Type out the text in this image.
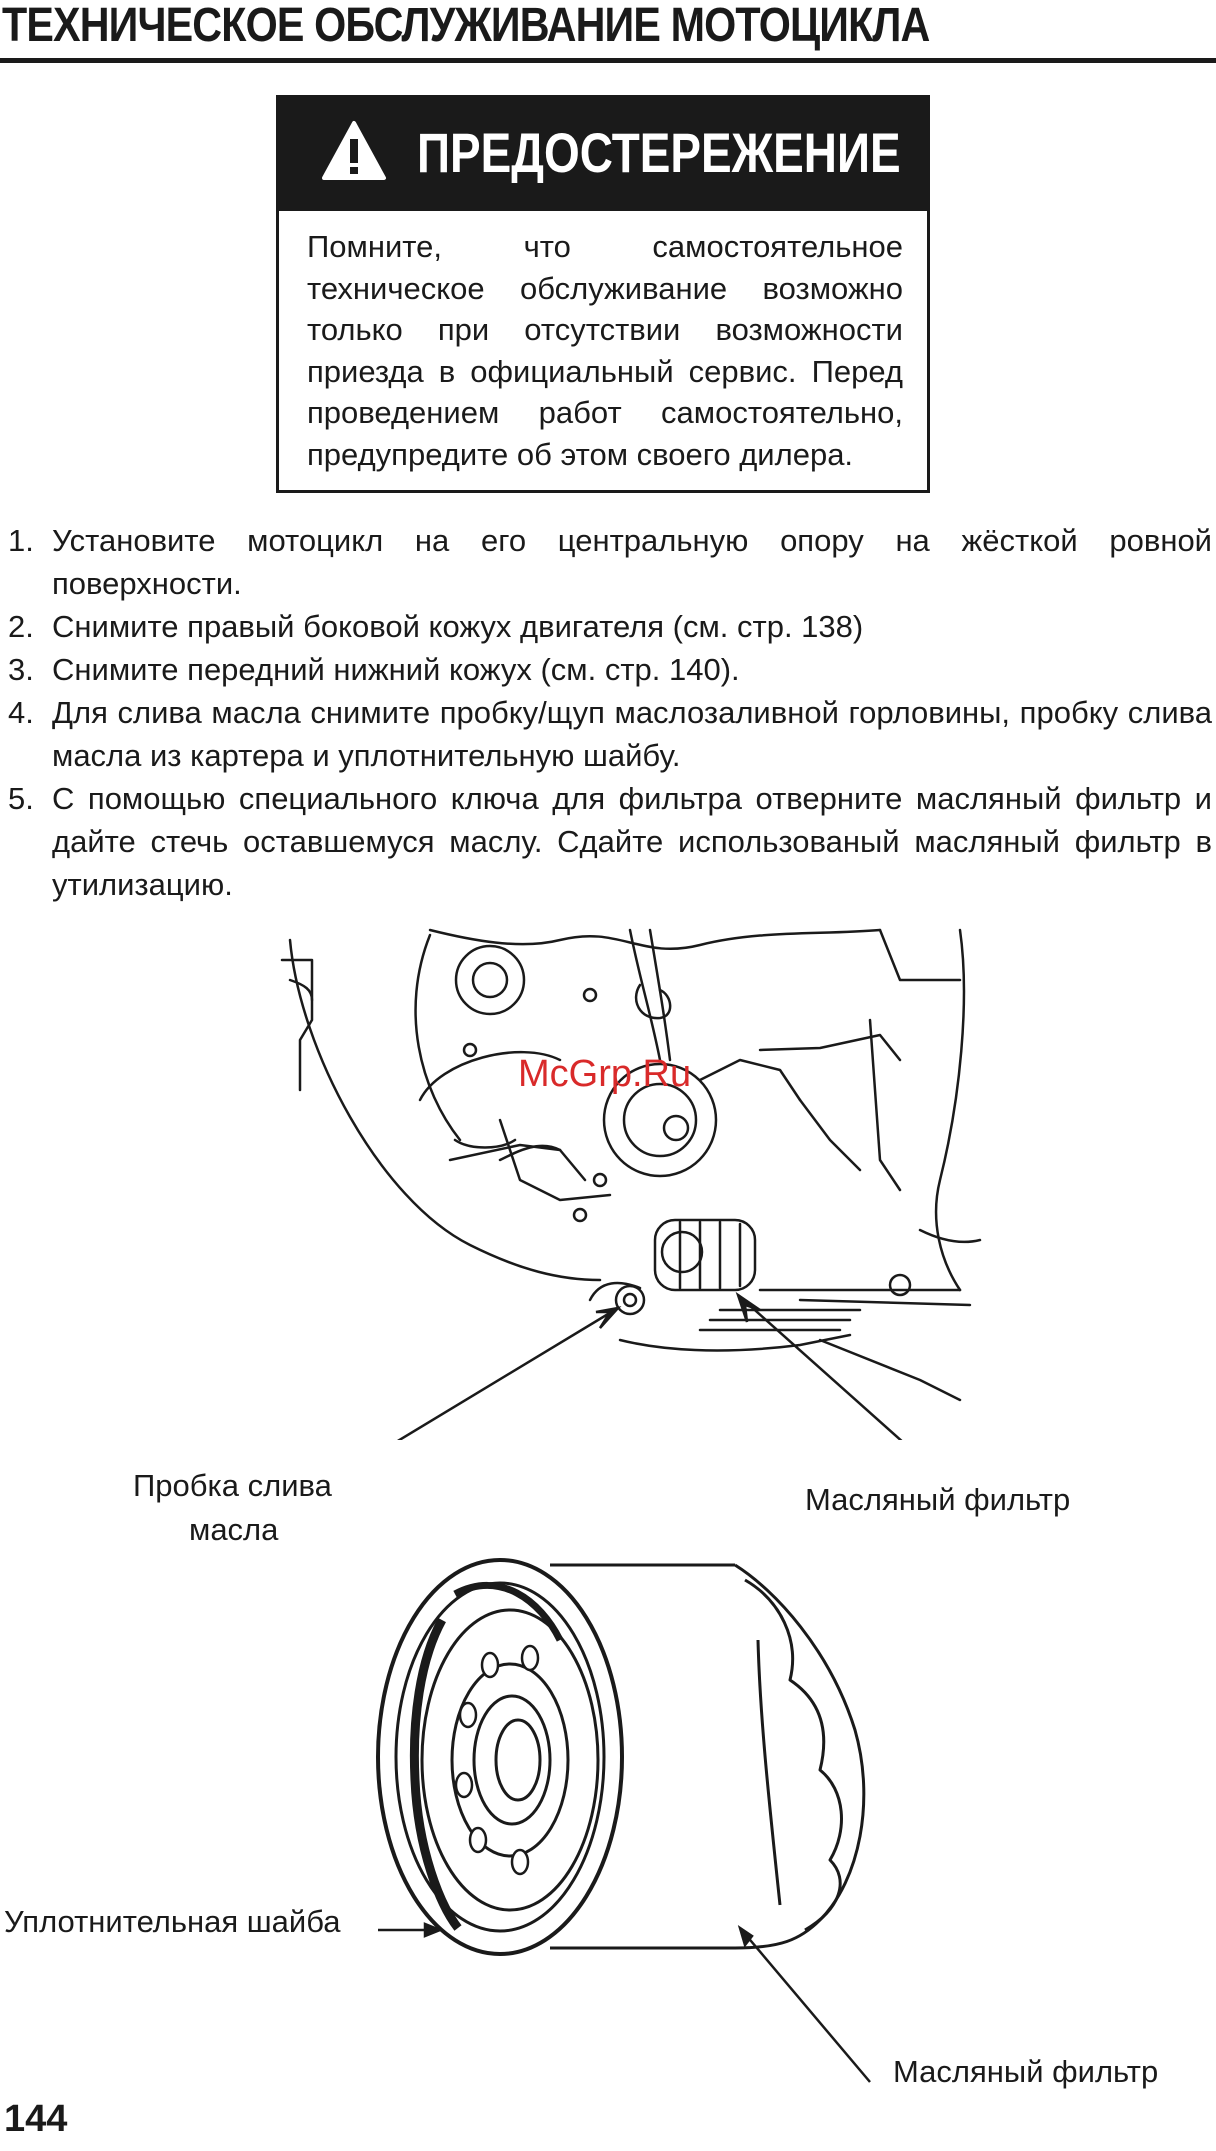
ТЕХНИЧЕСКОЕ ОБСЛУЖИВАНИЕ МОТОЦИКЛА
ПРЕДОСТЕРЕЖЕНИЕ

Помните, что самостоятельное техническое обслуживание возможно только при отсутствии возможности приезда в официальный сервис. Перед проведением работ самостоятельно, предупредите об этом своего дилера.

1. Установите мотоцикл на его центральную опору на жёсткой ровной поверхности.
2. Снимите правый боковой кожух двигателя (см. стр. 138)
3. Снимите передний нижний кожух (см. стр. 140).
4. Для слива масла снимите пробку/щуп маслозаливной горловины, пробку слива масла из картера и уплотнительную шайбу.
5. С помощью специального ключа для фильтра отверните масляный фильтр и дайте стечь оставшемуся маслу. Сдайте использованый масляный фильтр в утилизацию.
McGrp.Ru
Пробка слива
масла
Масляный фильтр
Уплотнительная шайба
Масляный фильтр
144
